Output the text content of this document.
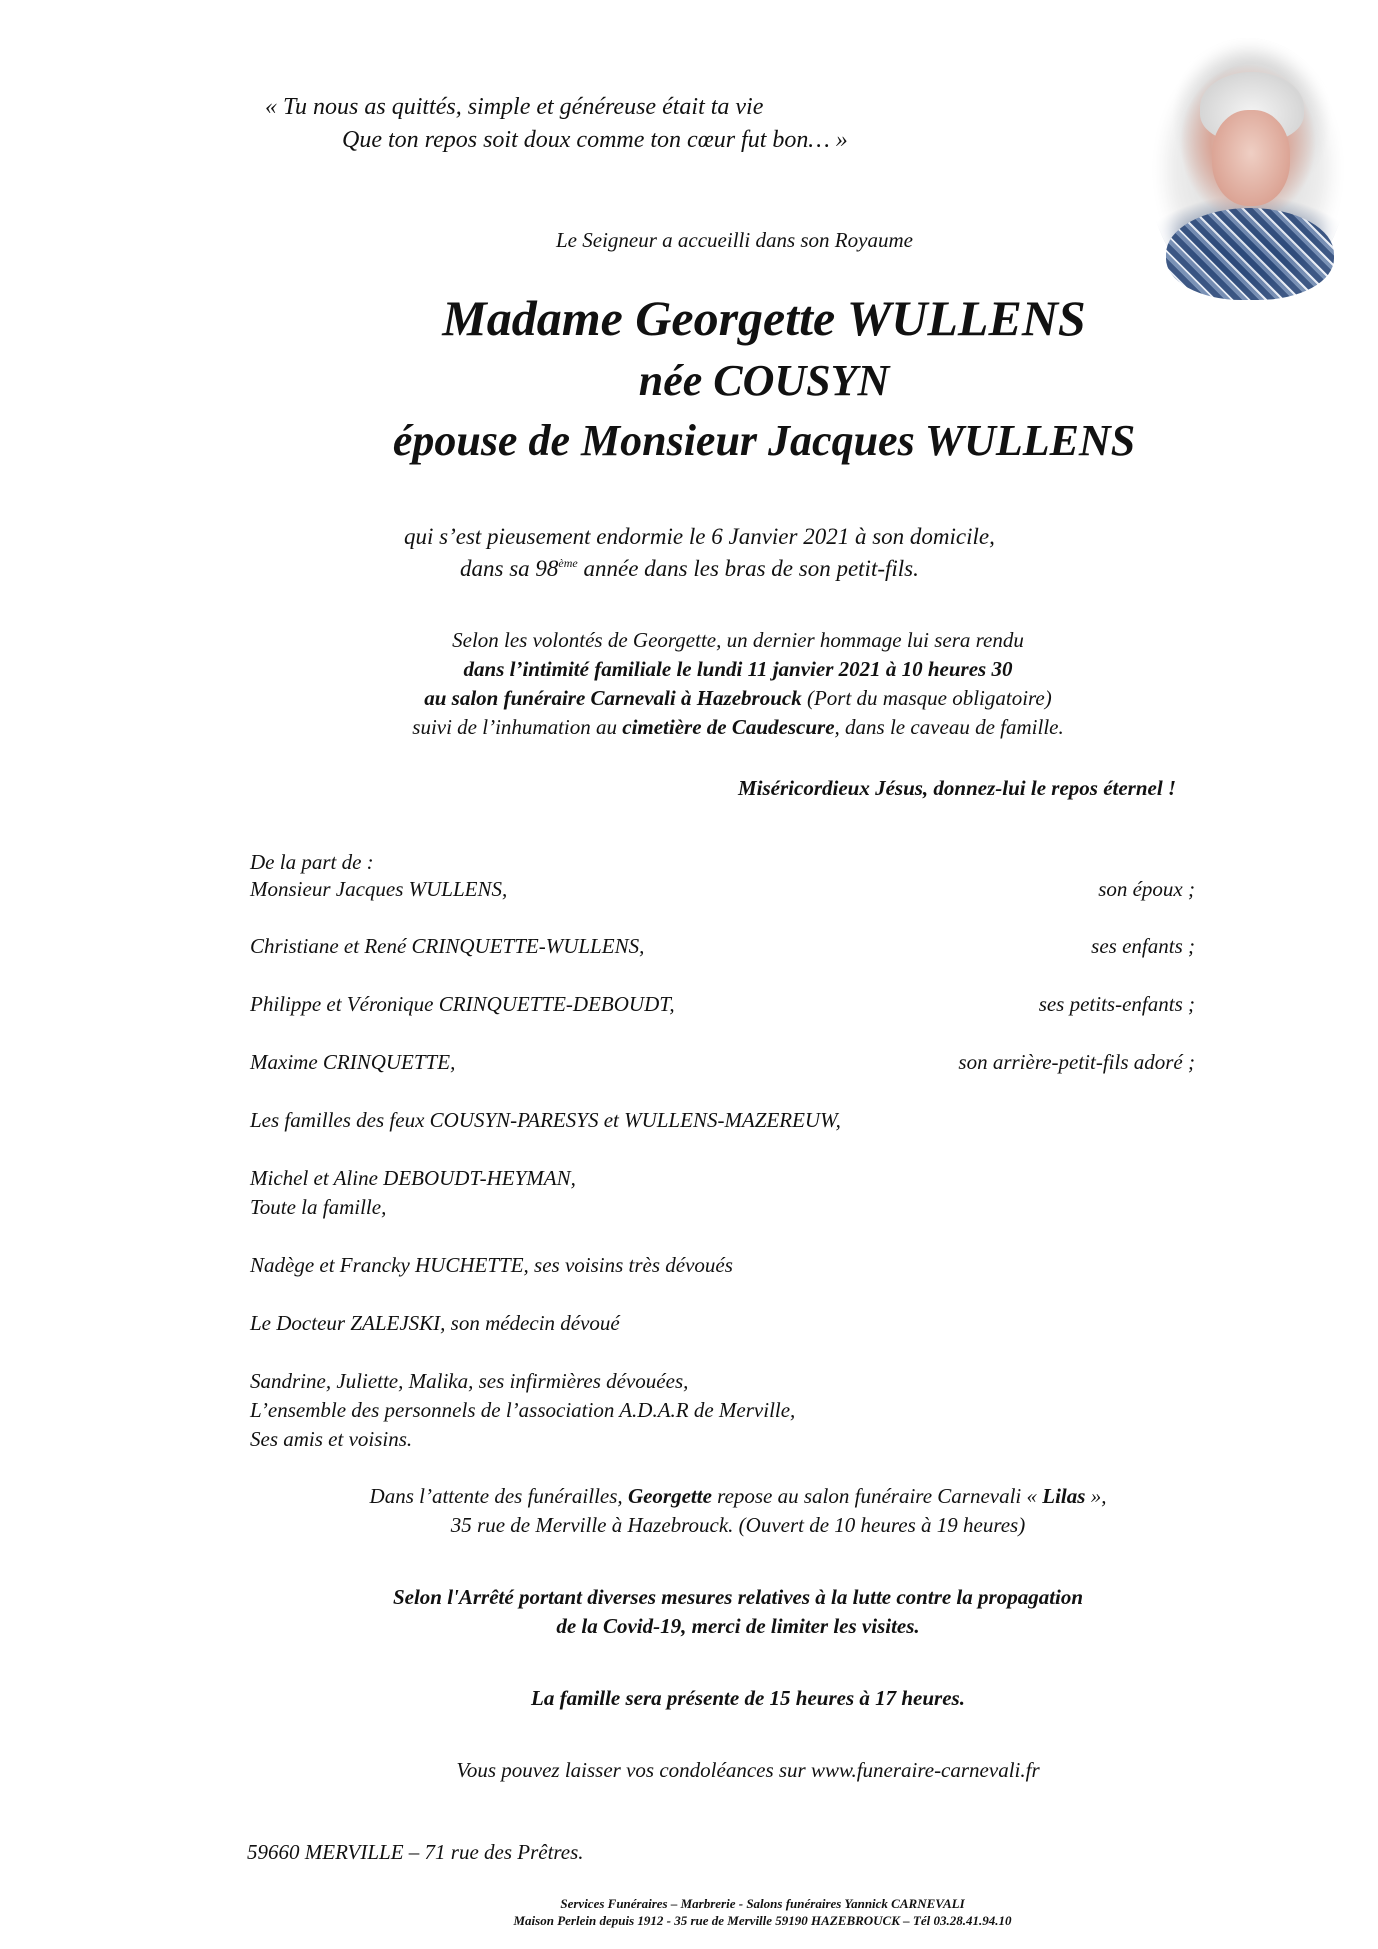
« Tu nous as quittés, simple et généreuse était ta vie
Que ton repos soit doux comme ton cœur fut bon… »
Le Seigneur a accueilli dans son Royaume
Madame Georgette WULLENS
née COUSYN
épouse de Monsieur Jacques WULLENS
qui s’est pieusement endormie le 6 Janvier 2021 à son domicile,
dans sa 98ème année dans les bras de son petit-fils.
Selon les volontés de Georgette, un dernier hommage lui sera rendu
dans l’intimité familiale le lundi 11 janvier 2021 à 10 heures 30
au salon funéraire Carnevali à Hazebrouck (Port du masque obligatoire)
suivi de l’inhumation au cimetière de Caudescure, dans le caveau de famille.
Miséricordieux Jésus, donnez-lui le repos éternel !
De la part de :
Monsieur Jacques WULLENS,	son époux ;
Christiane et René CRINQUETTE-WULLENS,	ses enfants ;
Philippe et Véronique CRINQUETTE-DEBOUDT,	ses petits-enfants ;
Maxime CRINQUETTE,	son arrière-petit-fils adoré ;
Les familles des feux COUSYN-PARESYS et WULLENS-MAZEREUW,
Michel et Aline DEBOUDT-HEYMAN,
Toute la famille,
Nadège et Francky HUCHETTE, ses voisins très dévoués
Le Docteur ZALEJSKI, son médecin dévoué
Sandrine, Juliette, Malika, ses infirmières dévouées,
L’ensemble des personnels de l’association A.D.A.R de Merville,
Ses amis et voisins.
Dans l’attente des funérailles, Georgette repose au salon funéraire Carnevali « Lilas »,
35 rue de Merville à Hazebrouck. (Ouvert de 10 heures à 19 heures)
Selon l'Arrêté portant diverses mesures relatives à la lutte contre la propagation
de la Covid-19, merci de limiter les visites.
La famille sera présente de 15 heures à 17 heures.
Vous pouvez laisser vos condoléances sur www.funeraire-carnevali.fr
59660 MERVILLE – 71 rue des Prêtres.
Services Funéraires – Marbrerie - Salons funéraires Yannick CARNEVALI
Maison Perlein depuis 1912 - 35 rue de Merville 59190 HAZEBROUCK – Tél 03.28.41.94.10
